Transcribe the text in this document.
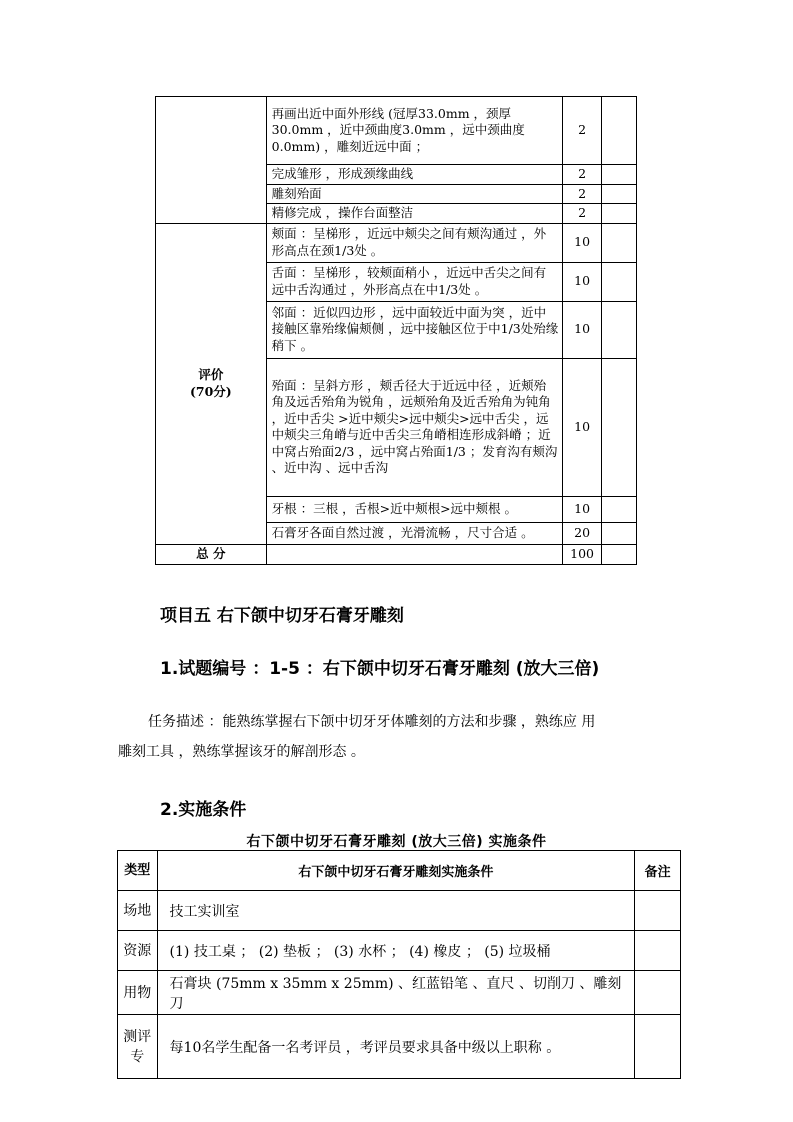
	再画出近中面外形线 (冠厚33.0mm ，颈厚30.0mm ，近中颈曲度3.0mm ，远中颈曲度0.0mm) ，雕刻近远中面 ；	2	
	完成雏形 ，形成颈缘曲线	2	
	雕刻殆面	2	
	精修完成 ，操作台面整洁	2	

评价
(70分)	颊面 ：呈梯形 ，近远中颊尖之间有颊沟通过 ，外形高点在颈1/3处 。	10	
	舌面 ：呈梯形 ，较颊面稍小 ，近远中舌尖之间有远中舌沟通过 ，外形高点在中1/3处 。	10	
	邻面 ：近似四边形 ，远中面较近中面为突 ，近中接触区靠殆缘偏颊侧 ，远中接触区位于中1/3处殆缘稍下 。	10	
	殆面 ：呈斜方形 ，颊舌径大于近远中径 ，近颊殆角及远舌殆角为锐角 ，远颊殆角及近舌殆角为钝角 ，近中舌尖 >近中颊尖>远中颊尖>远中舌尖 ，远中颊尖三角嵴与近中舌尖三角嵴相连形成斜嵴 ；近中窝占殆面2/3 ，远中窝占殆面1/3 ；发育沟有颊沟 、近中沟 、远中舌沟	10	
	牙根 ：三根 ，舌根>近中颊根>远中颊根 。	10	
	石膏牙各面自然过渡 ，光滑流畅 ，尺寸合适 。	20	
总 分		100	
项目五 右下颌中切牙石膏牙雕刻
1.试题编号 ：1-5 ：右下颌中切牙石膏牙雕刻 (放大三倍)
任务描述 ：能熟练掌握右下颌中切牙牙体雕刻的方法和步骤 ，熟练应 用
雕刻工具 ，熟练掌握该牙的解剖形态 。
2.实施条件
右下颌中切牙石膏牙雕刻 (放大三倍) 实施条件
类型	右下颌中切牙石膏牙雕刻实施条件	备注
场地	技工实训室	
资源	(1) 技工桌 ； (2) 垫板 ； (3) 水杯 ； (4) 橡皮 ； (5) 垃圾桶	
用物	石膏块 (75mm x 35mm x 25mm) 、红蓝铅笔 、直尺 、切削刀 、雕刻刀	
测评专	每10名学生配备一名考评员 ，考评员要求具备中级以上职称 。	
